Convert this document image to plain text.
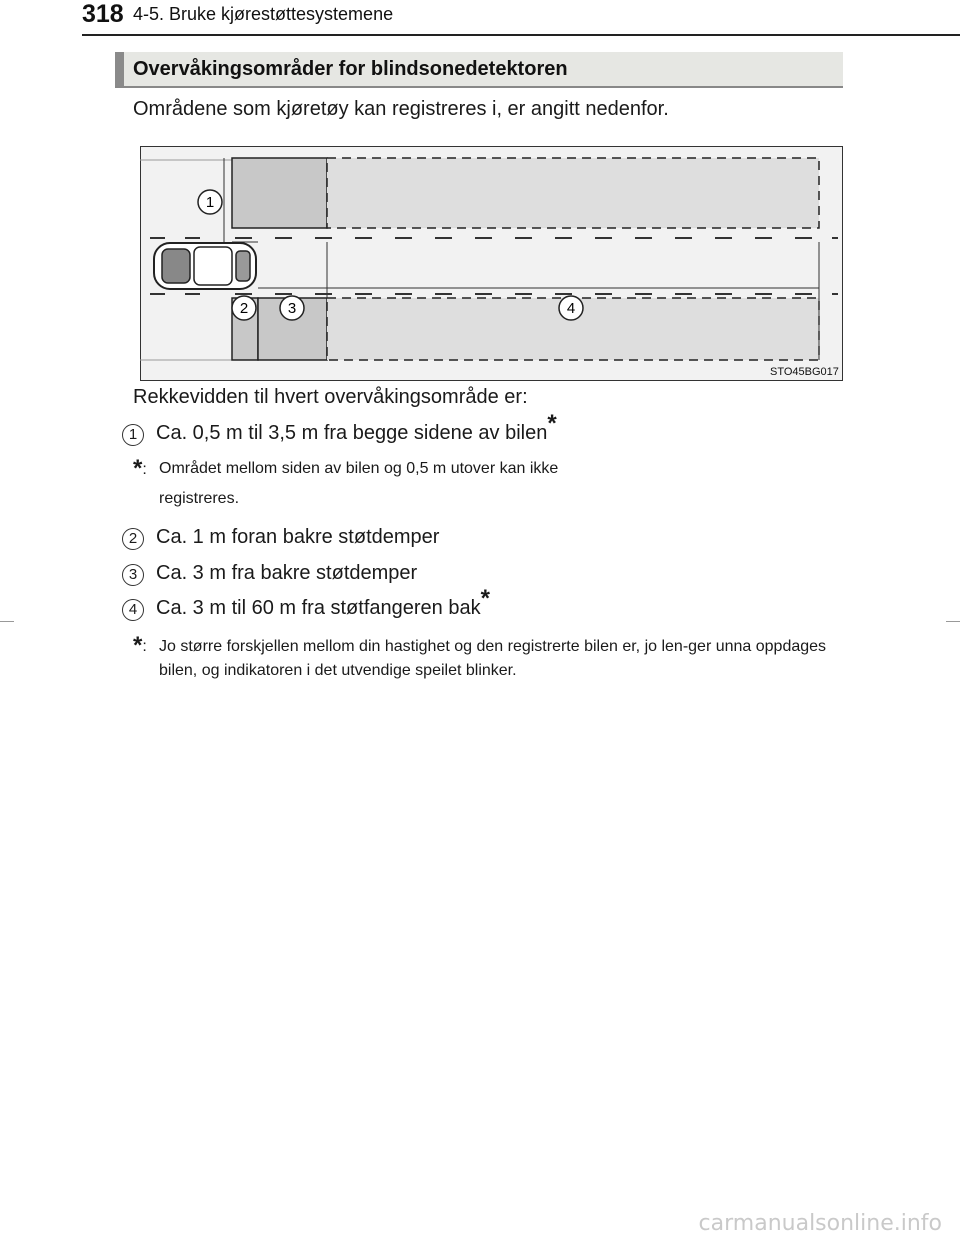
318 4-5. Bruke kjørestøttesystemene
Overvåkingsområder for blindsonedetektoren
Områdene som kjøretøy kan registreres i, er angitt nedenfor.
1
2	3	4
STO45BG017
Rekkevidden til hvert overvåkingsområde er:
1 Ca. 0,5 m til 3,5 m fra begge sidene av bilen*
*: Området mellom siden av bilen og 0,5 m utover kan ikke registreres.
2 Ca. 1 m foran bakre støtdemper
3 Ca. 3 m fra bakre støtdemper
4 Ca. 3 m til 60 m fra støtfangeren bak*
*: Jo større forskjellen mellom din hastighet og den registrerte bilen er, jo len-ger unna oppdages bilen, og indikatoren i det utvendige speilet blinker.
carmanualsonline.info
